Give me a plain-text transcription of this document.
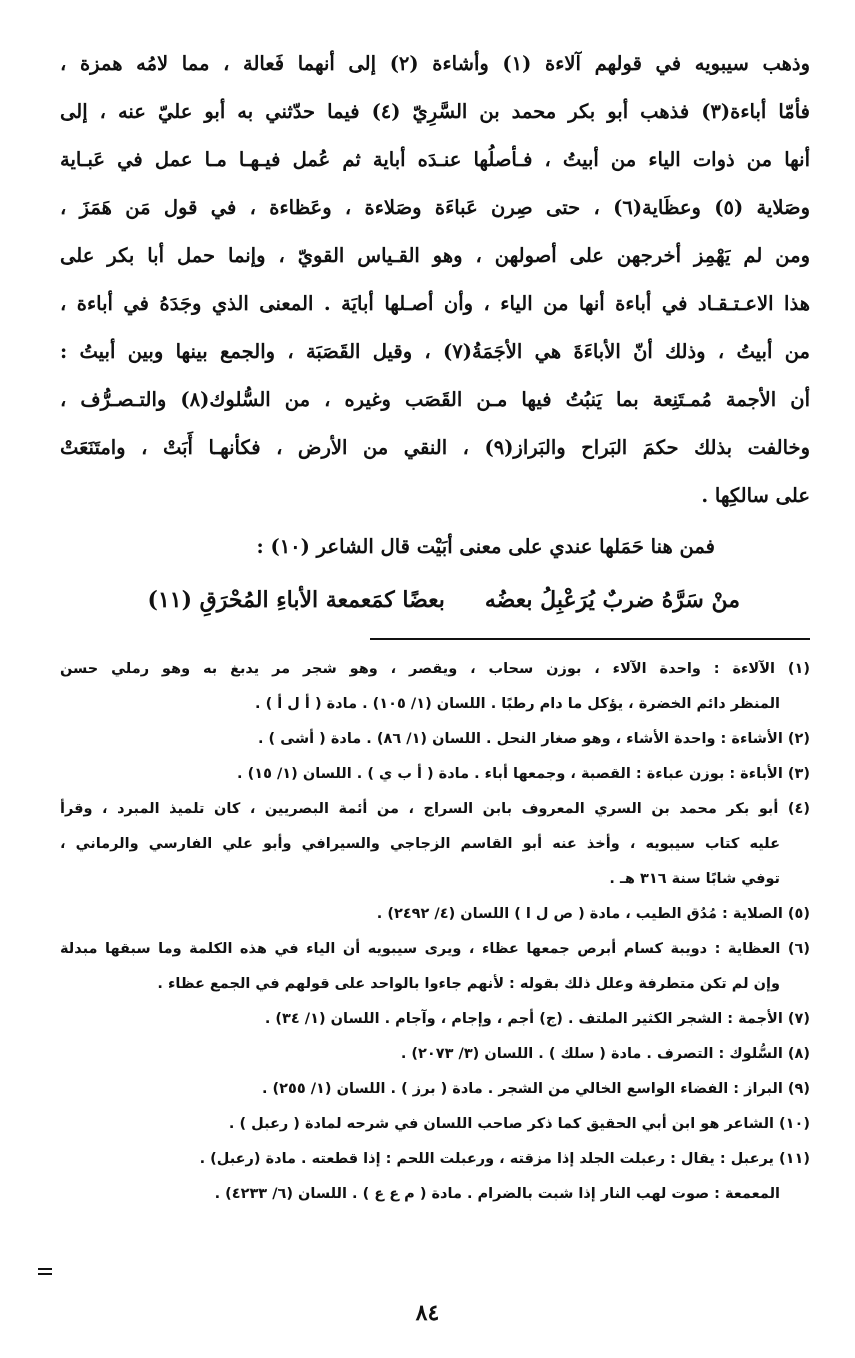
وذهب سيبويه في قولهم آلاءة (١) وأشاءة (٢) إلى أنهما فَعالة ، مما لامُه همزة ،
فأمّا أباءة(٣) فذهب أبو بكر محمد بن السَّرِيّ (٤) فيما حدّثني به أبو عليّ عنه ، إلى
أنها من ذوات الياء من أبيتُ ، فـأصلُها عنـدَه أباية ثم عُمل فيـهـا مـا عمل في عَبـاية
وصَلاية (٥) وعظَاية(٦) ، حتى صِرن عَباءَة وصَلاءة ، وعَظاءة ، في قول مَن هَمَزَ ،
ومن لم يَهْمِز أخرجهن على أصولهن ، وهو القـياس القويّ ، وإنما حمل أبا بكر على
هذا الاعـتـقـاد في أباءة أنها من الياء ، وأن أصـلها أبايَة . المعنى الذي وجَدَهُ في أباءة ،
من أبيتُ ، وذلك أنّ الأباءَةَ هي الأجَمَةُ(٧) ، وقيل القَصَبَة ، والجمع بينها وبين أبيتُ :
أن الأجمة مُمـتَنِعة بما يَنبُتُ فيها مـن القَصَب وغيره ، من السُّلوك(٨) والتـصـرُّف ،
وخالفت بذلك حكمَ البَراح والبَراز(٩) ، النقي من الأرض ، فكأنهـا أَبَتْ ، وامتَنَعَتْ
على سالكِها .
فمن هنا حَمَلها عندي على معنى أبَيْت قال الشاعر (١٠) :
منْ سَرَّهُ ضربٌ يُرَعْبِلُ بعضُهبعضًا كمَعمعة الأباءِ المُحْرَقِ (١١)
(١) الآلاءة : واحدة الآلاء ، بوزن سحاب ، ويقصر ، وهو شجر مر يدبغ به وهو رملي حسن
المنظر دائم الخضرة ، يؤكل ما دام رطبًا . اللسان (١/ ١٠٥) . مادة ( أ ل أ ) .
(٢) الأشاءة : واحدة الأشاء ، وهو صغار النحل . اللسان (١/ ٨٦) . مادة ( أشى ) .
(٣) الأباءة : بوزن عباءة : القصبة ، وجمعها أباء . مادة ( أ ب ي ) . اللسان (١/ ١٥) .
(٤) أبو بكر محمد بن السري المعروف بابن السراج ، من أئمة البصريين ، كان تلميذ المبرد ، وقرأ
عليه كتاب سيبويه ، وأخذ عنه أبو القاسم الزجاجي والسيرافي وأبو علي الفارسي والرماني ،
توفي شابًا سنة ٣١٦ هـ .
(٥) الصلاية : مُدُق الطيب ، مادة ( ص ل ا ) اللسان (٤/ ٢٤٩٢) .
(٦) العظاية : دويبة كسام أبرص جمعها عظاء ، ويرى سيبويه أن الياء في هذه الكلمة وما سبقها مبدلة
وإن لم تكن متطرفة وعلل ذلك بقوله : لأنهم جاءوا بالواحد على قولهم في الجمع عظاء .
(٧) الأجمة : الشجر الكثير الملتف . (ج) أجم ، وإجام ، وآجام . اللسان (١/ ٣٤) .
(٨) السُّلوك : التصرف . مادة ( سلك ) . اللسان (٣/ ٢٠٧٣) .
(٩) البراز : الفضاء الواسع الخالي من الشجر . مادة ( برز ) . اللسان (١/ ٢٥٥) .
(١٠) الشاعر هو ابن أبي الحقيق كما ذكر صاحب اللسان في شرحه لمادة ( رعبل ) .
(١١) يرعبل : يقال : رعبلت الجلد إذا مزقته ، ورعبلت اللحم : إذا قطعته . مادة (رعبل) .
المعمعة : صوت لهب النار إذا شبت بالضرام . مادة ( م ع ع ) . اللسان (٦/ ٤٢٣٣) .
٨٤
